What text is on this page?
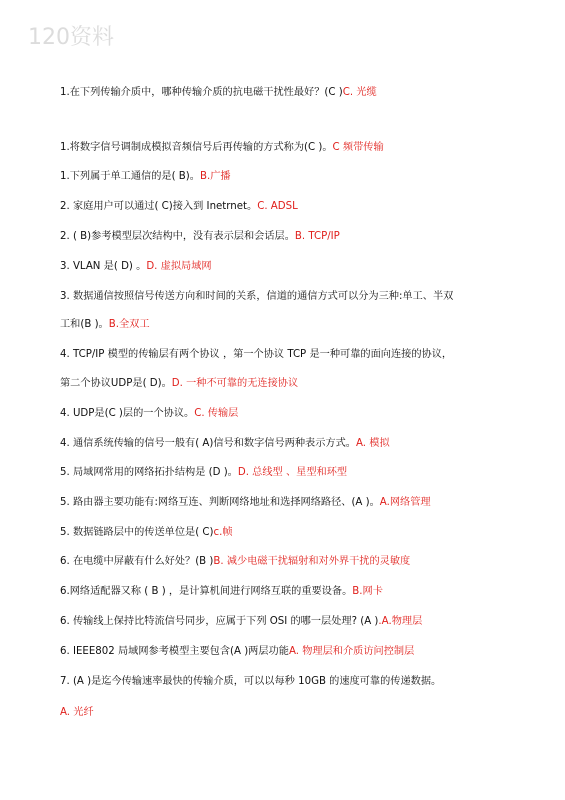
120资料
1.在下列传输介质中，哪种传输介质的抗电磁干扰性最好？(C )C. 光缆
1.将数字信号调制成模拟音频信号后再传输的方式称为(C )。C 频带传输
1.下列属于单工通信的是( B)。B.广播
2. 家庭用户可以通过( C)接入到 Inetrnet。C. ADSL
2. ( B)参考模型层次结构中，没有表示层和会话层。B. TCP/IP
3. VLAN 是( D) 。D. 虚拟局域网
3. 数据通信按照信号传送方向和时间的关系，信道的通信方式可以分为三种:单工、半双
工和(B )。B.全双工
4. TCP/IP 模型的传输层有两个协议 ，第一个协议 TCP 是一种可靠的面向连接的协议，
第二个协议UDP是( D)。D. 一种不可靠的无连接协议
4. UDP是(C )层的一个协议。C. 传输层
4. 通信系统传输的信号一般有( A)信号和数字信号两种表示方式。A. 模拟
5. 局域网常用的网络拓扑结构是 (D )。D. 总线型 、星型和环型
5. 路由器主要功能有:网络互连、判断网络地址和选择网络路径、(A )。A.网络管理
5. 数据链路层中的传送单位是( C)c.帧
6. 在电缆中屏蔽有什么好处？(B )B. 减少电磁干扰辐射和对外界干扰的灵敏度
6.网络适配器又称 ( B ) ，是计算机间进行网络互联的重要设备。B.网卡
6. 传输线上保持比特流信号同步，应属于下列 OSI 的哪一层处理? (A ).A.物理层
6. IEEE802 局域网参考模型主要包含(A )两层功能A. 物理层和介质访问控制层
7. (A )是迄今传输速率最快的传输介质，可以以每秒 10GB 的速度可靠的传递数据。
A. 光纤
